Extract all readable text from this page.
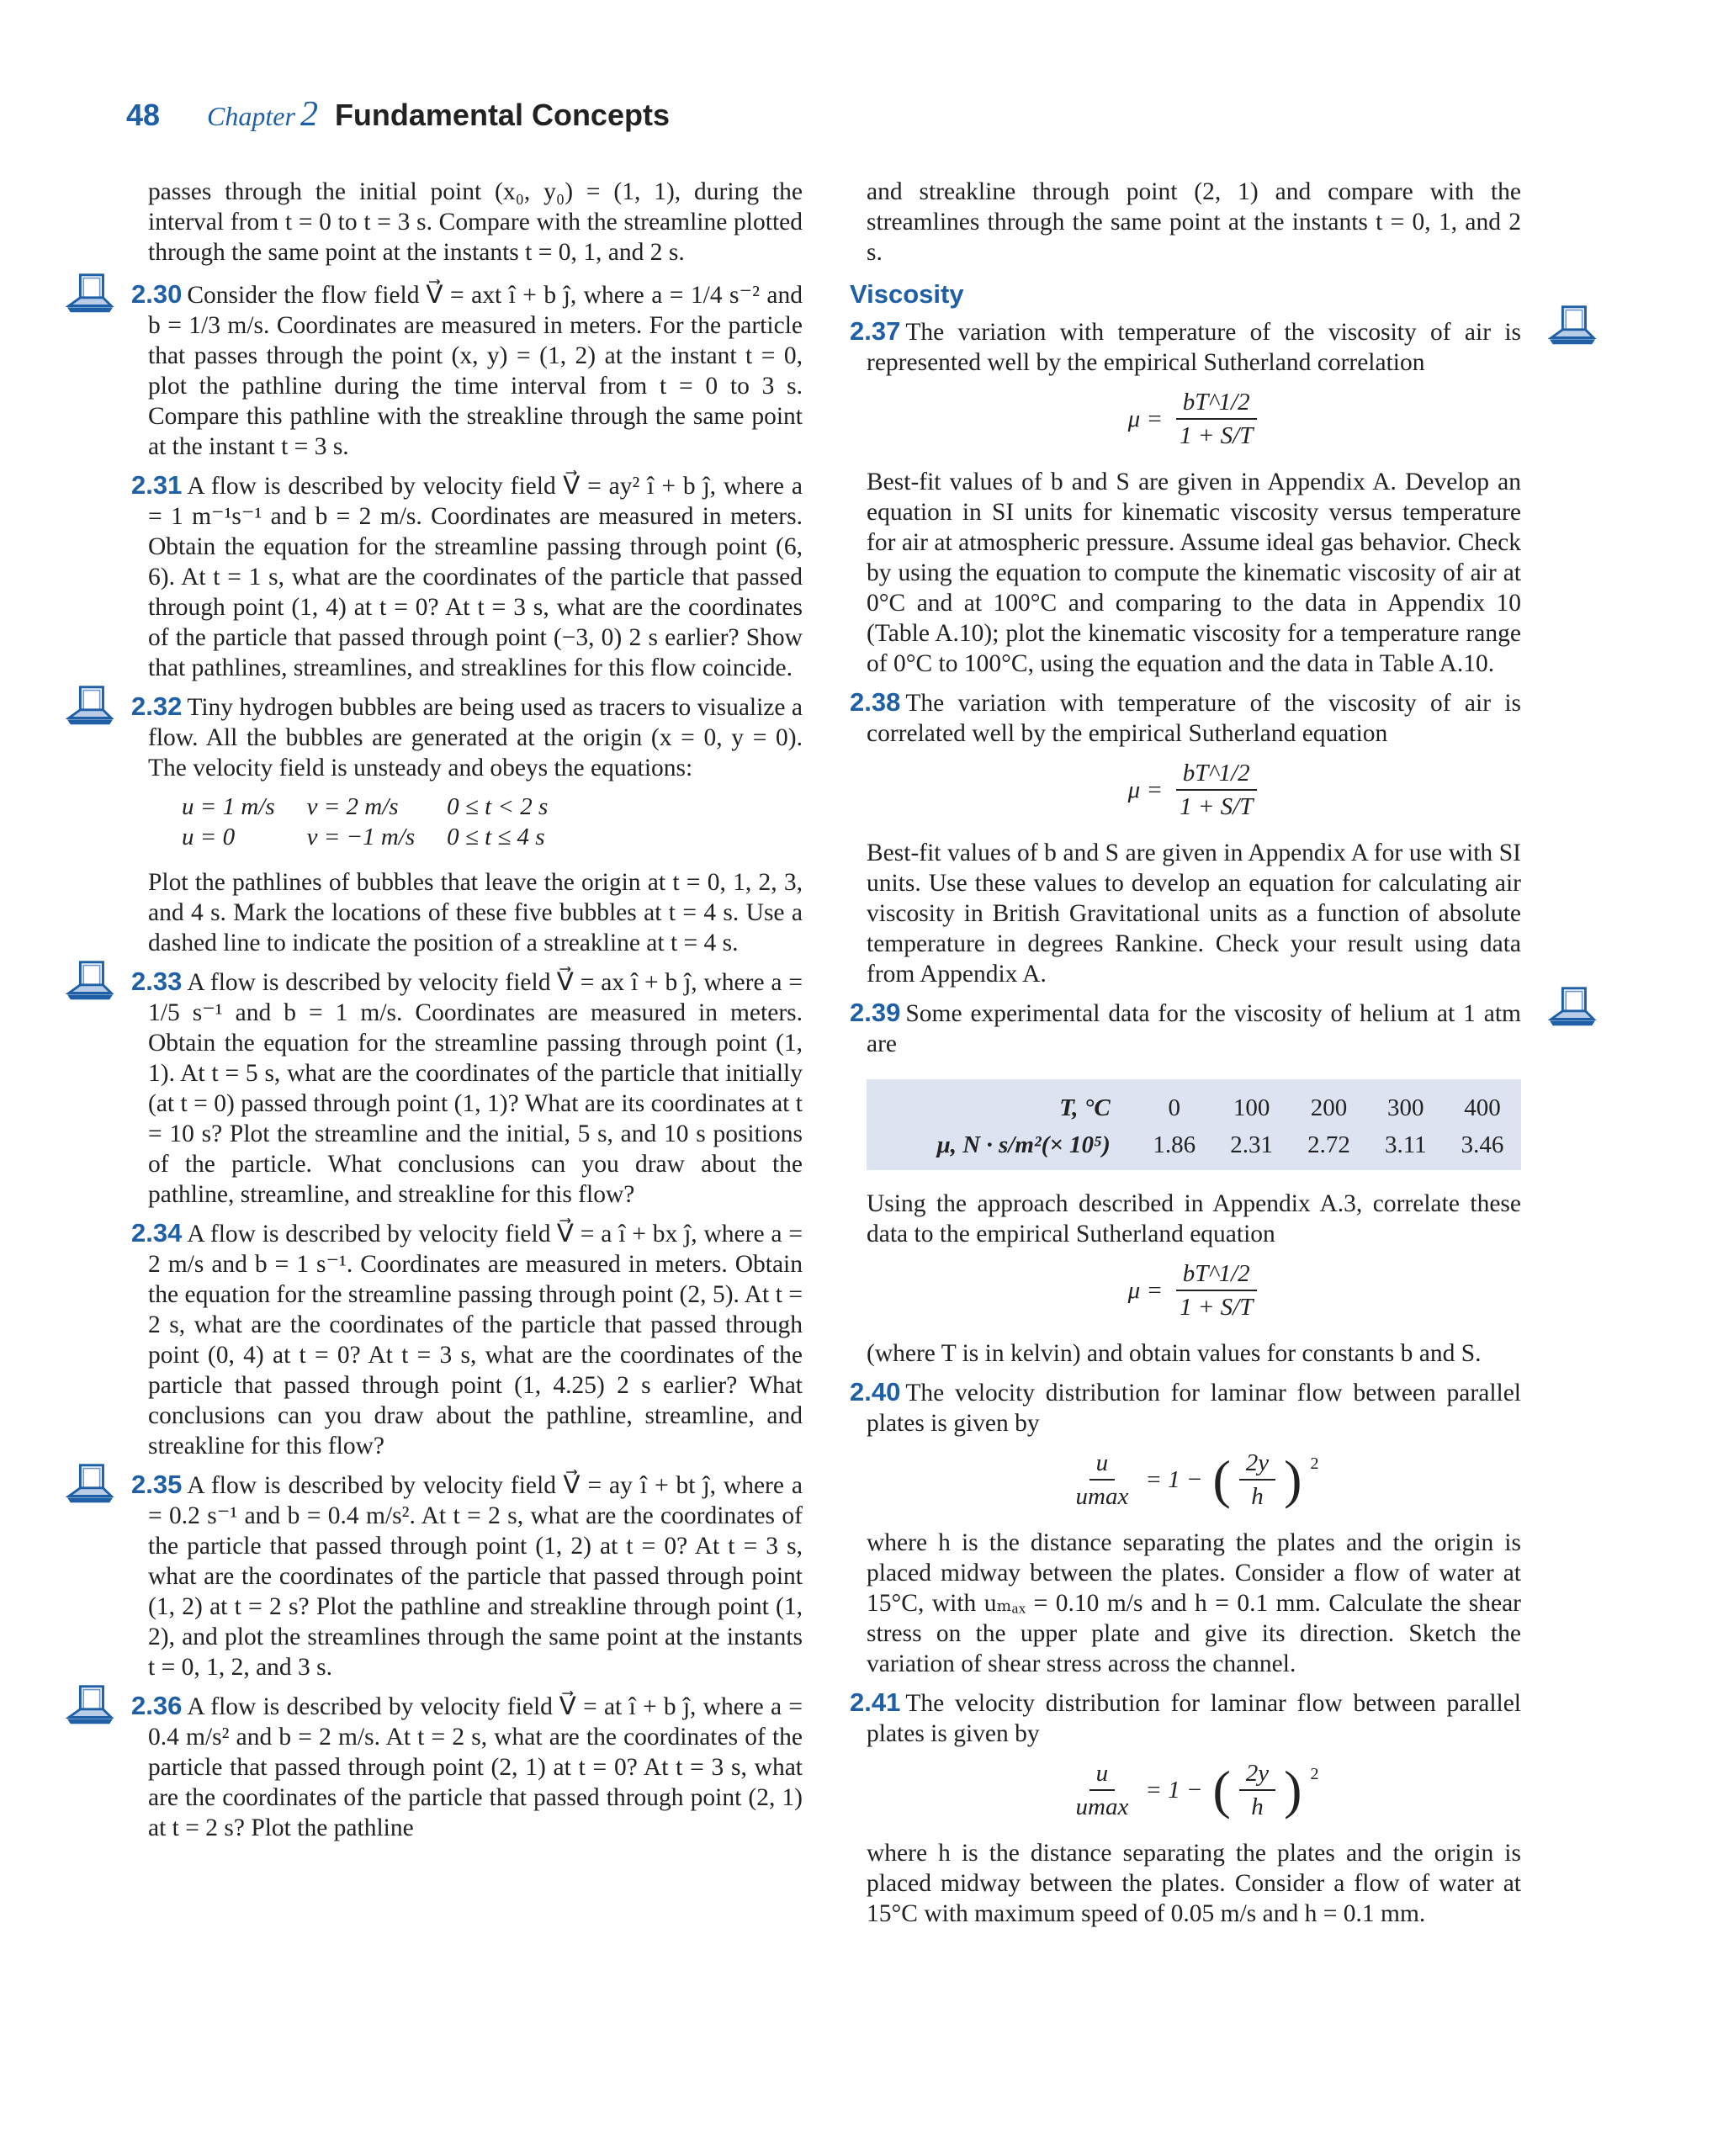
48 Chapter 2 Fundamental Concepts

passes through the initial point (x₀, y₀) = (1, 1), during the interval from t = 0 to t = 3 s. Compare with the streamline plotted through the same point at the instants t = 0, 1, and 2 s.

2.30 Consider the flow field V⃗ = axt î + b ĵ, where a = 1/4 s⁻² and b = 1/3 m/s. Coordinates are measured in meters. For the particle that passes through the point (x, y) = (1, 2) at the instant t = 0, plot the pathline during the time interval from t = 0 to 3 s. Compare this pathline with the streakline through the same point at the instant t = 3 s.

2.31 A flow is described by velocity field V⃗ = ay² î + b ĵ, where a = 1 m⁻¹s⁻¹ and b = 2 m/s. Coordinates are measured in meters. Obtain the equation for the streamline passing through point (6, 6). At t = 1 s, what are the coordinates of the particle that passed through point (1, 4) at t = 0? At t = 3 s, what are the coordinates of the particle that passed through point (−3, 0) 2 s earlier? Show that pathlines, streamlines, and streaklines for this flow coincide.

2.32 Tiny hydrogen bubbles are being used as tracers to visualize a flow. All the bubbles are generated at the origin (x = 0, y = 0). The velocity field is unsteady and obeys the equations:

u = 1 m/s	v = 2 m/s	0 ≤ t < 2 s
u = 0	v = −1 m/s	0 ≤ t ≤ 4 s

Plot the pathlines of bubbles that leave the origin at t = 0, 1, 2, 3, and 4 s. Mark the locations of these five bubbles at t = 4 s. Use a dashed line to indicate the position of a streakline at t = 4 s.

2.33 A flow is described by velocity field V⃗ = ax î + b ĵ, where a = 1/5 s⁻¹ and b = 1 m/s. Coordinates are measured in meters. Obtain the equation for the streamline passing through point (1, 1). At t = 5 s, what are the coordinates of the particle that initially (at t = 0) passed through point (1, 1)? What are its coordinates at t = 10 s? Plot the streamline and the initial, 5 s, and 10 s positions of the particle. What conclusions can you draw about the pathline, streamline, and streakline for this flow?

2.34 A flow is described by velocity field V⃗ = a î + bx ĵ, where a = 2 m/s and b = 1 s⁻¹. Coordinates are measured in meters. Obtain the equation for the streamline passing through point (2, 5). At t = 2 s, what are the coordinates of the particle that passed through point (0, 4) at t = 0? At t = 3 s, what are the coordinates of the particle that passed through point (1, 4.25) 2 s earlier? What conclusions can you draw about the pathline, streamline, and streakline for this flow?

2.35 A flow is described by velocity field V⃗ = ay î + bt ĵ, where a = 0.2 s⁻¹ and b = 0.4 m/s². At t = 2 s, what are the coordinates of the particle that passed through point (1, 2) at t = 0? At t = 3 s, what are the coordinates of the particle that passed through point (1, 2) at t = 2 s? Plot the pathline and streakline through point (1, 2), and plot the streamlines through the same point at the instants t = 0, 1, 2, and 3 s.

2.36 A flow is described by velocity field V⃗ = at î + b ĵ, where a = 0.4 m/s² and b = 2 m/s. At t = 2 s, what are the coordinates of the particle that passed through point (2, 1) at t = 0? At t = 3 s, what are the coordinates of the particle that passed through point (2, 1) at t = 2 s? Plot the pathline

and streakline through point (2, 1) and compare with the streamlines through the same point at the instants t = 0, 1, and 2 s.

Viscosity

2.37 The variation with temperature of the viscosity of air is represented well by the empirical Sutherland correlation

$\mu = \frac{bT\^{}1/2}{1 + S/T}$

Best-fit values of b and S are given in Appendix A. Develop an equation in SI units for kinematic viscosity versus temperature for air at atmospheric pressure. Assume ideal gas behavior. Check by using the equation to compute the kinematic viscosity of air at 0°C and at 100°C and comparing to the data in Appendix 10 (Table A.10); plot the kinematic viscosity for a temperature range of 0°C to 100°C, using the equation and the data in Table A.10.

2.38 The variation with temperature of the viscosity of air is correlated well by the empirical Sutherland equation

$\mu = \frac{bT\^{}1/2}{1 + S/T}$

Best-fit values of b and S are given in Appendix A for use with SI units. Use these values to develop an equation for calculating air viscosity in British Gravitational units as a function of absolute temperature in degrees Rankine. Check your result using data from Appendix A.

2.39 Some experimental data for the viscosity of helium at 1 atm are

T, °C	0	100	200	300	400
μ, N · s/m²(× 10⁵)	1.86	2.31	2.72	3.11	3.46

Using the approach described in Appendix A.3, correlate these data to the empirical Sutherland equation

$\mu = \frac{bT\^{}1/2}{1 + S/T}$

(where T is in kelvin) and obtain values for constants b and S.

2.40 The velocity distribution for laminar flow between parallel plates is given by

$\frac{u}{umax} = 1$ − ( $\frac{2y}{h}$ ) 2

where h is the distance separating the plates and the origin is placed midway between the plates. Consider a flow of water at 15°C, with uₘₐₓ = 0.10 m/s and h = 0.1 mm. Calculate the shear stress on the upper plate and give its direction. Sketch the variation of shear stress across the channel.

2.41 The velocity distribution for laminar flow between parallel plates is given by

$\frac{u}{umax} = 1$ − ( $\frac{2y}{h}$ ) 2

where h is the distance separating the plates and the origin is placed midway between the plates. Consider a flow of water at 15°C with maximum speed of 0.05 m/s and h = 0.1 mm.
